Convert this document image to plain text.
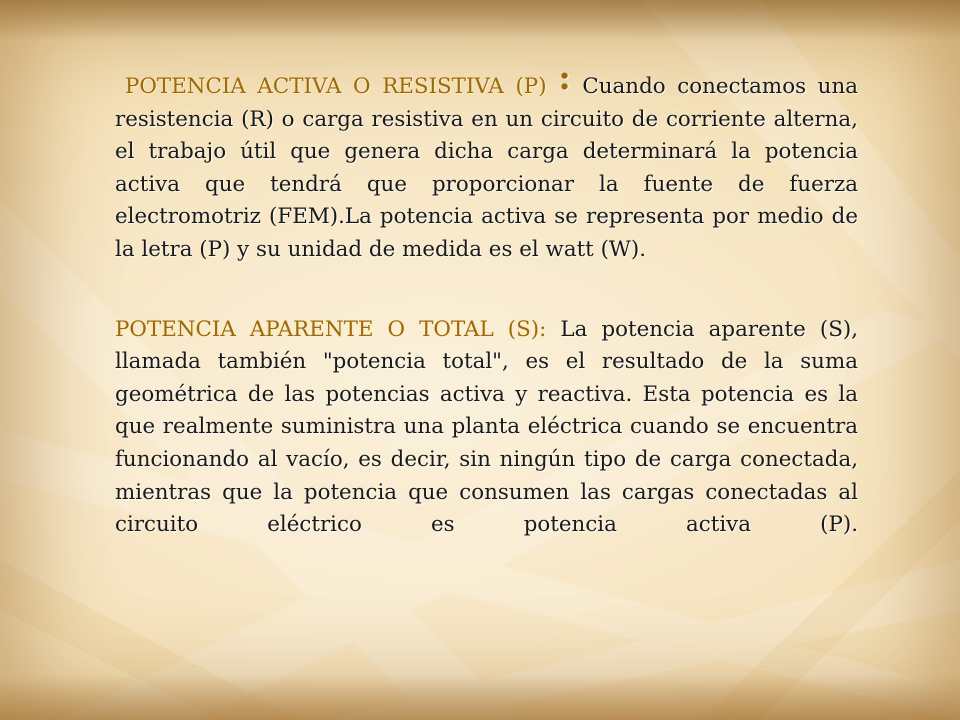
POTENCIA ACTIVA O RESISTIVA (P) : Cuando conectamos una resistencia (R) o carga resistiva en un circuito de corriente alterna, el trabajo útil que genera dicha carga determinará la potencia activa que tendrá que proporcionar la fuente de fuerza electromotriz (FEM).La potencia activa se representa por medio de la letra (P) y su unidad de medida es el watt (W).

POTENCIA APARENTE O TOTAL (S): La potencia aparente (S), llamada también "potencia total", es el resultado de la suma geométrica de las potencias activa y reactiva. Esta potencia es la que realmente suministra una planta eléctrica cuando se encuentra funcionando al vacío, es decir, sin ningún tipo de carga conectada, mientras que la potencia que consumen las cargas conectadas al circuito eléctrico es potencia activa (P).
